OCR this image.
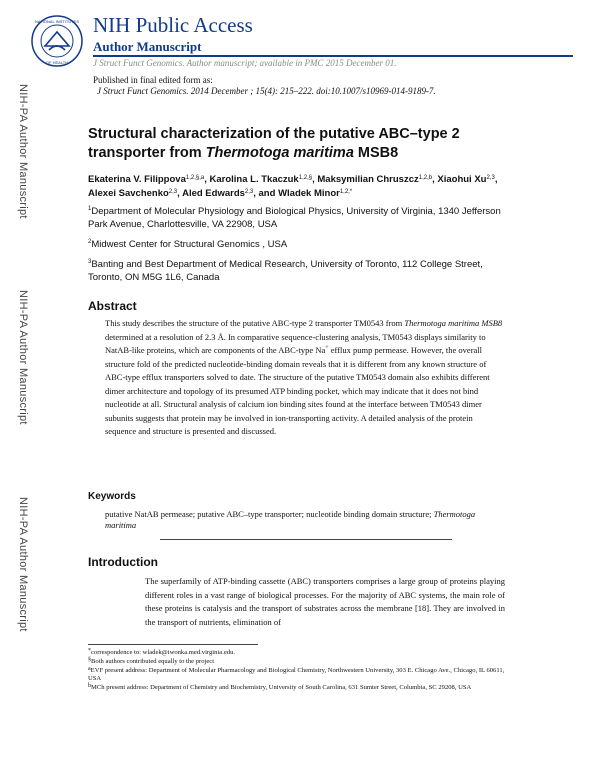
NATIONAL INSTITUTES
OF HEALTH
NIH Public Access
Author Manuscript
J Struct Funct Genomics. Author manuscript; available in PMC 2015 December 01.
Published in final edited form as:
J Struct Funct Genomics. 2014 December ; 15(4): 215–222. doi:10.1007/s10969-014-9189-7.
NIH-PA Author Manuscript
NIH-PA Author Manuscript
NIH-PA Author Manuscript
Structural characterization of the putative ABC–type 2 transporter from Thermotoga maritima MSB8
Ekaterina V. Filippova$^{1,2,\S,a}$, Karolina L. Tkaczuk$^{1,2,\S}$, Maksymilian Chruszcz$^{1,2,b}$, Xiaohui Xu$^{2,3}$, Alexei Savchenko$^{2,3}$, Aled Edwards$^{2,3}$, and Wladek Minor$^{1,2,*}$
$^1$Department of Molecular Physiology and Biological Physics, University of Virginia, 1340 Jefferson Park Avenue, Charlottesville, VA 22908, USA
$^2$Midwest Center for Structural Genomics , USA
$^3$Banting and Best Department of Medical Research, University of Toronto, 112 College Street, Toronto, ON M5G 1L6, Canada
Abstract
This study describes the structure of the putative ABC-type 2 transporter TM0543 from Thermotoga maritima MSB8 determined at a resolution of 2.3 Å. In comparative sequence-clustering analysis, TM0543 displays similarity to NatAB-like proteins, which are components of the ABC-type Na+ efflux pump permease. However, the overall structure fold of the predicted nucleotide-binding domain reveals that it is different from any known structure of ABC-type efflux transporters solved to date. The structure of the putative TM0543 domain also exhibits different dimer architecture and topology of its presumed ATP binding pocket, which may indicate that it does not bind nucleotide at all. Structural analysis of calcium ion binding sites found at the interface between TM0543 dimer subunits suggests that protein may be involved in ion-transporting activity. A detailed analysis of the protein sequence and structure is presented and discussed.
Keywords
putative NatAB permease; putative ABC–type transporter; nucleotide binding domain structure; Thermotoga maritima
Introduction
The superfamily of ATP-binding cassette (ABC) transporters comprises a large group of proteins playing different roles in a vast range of biological processes. For the majority of ABC systems, the main role of these proteins is catalysis and the transport of substrates across the membrane [18]. They are involved in the transport of nutrients, elimination of

*correspondence to: wladek@iwonka.med.virginia.edu.

§Both authors contributed equally to the project

$^a$EVF present address: Department of Molecular Pharmacology and Biological Chemistry, Northwestern University, 303 E. Chicago Ave., Chicago, IL 60611, USA

$^b$MCh present address: Department of Chemistry and Biochemistry, University of South Carolina, 631 Sumter Street, Columbia, SC 29208, USA
